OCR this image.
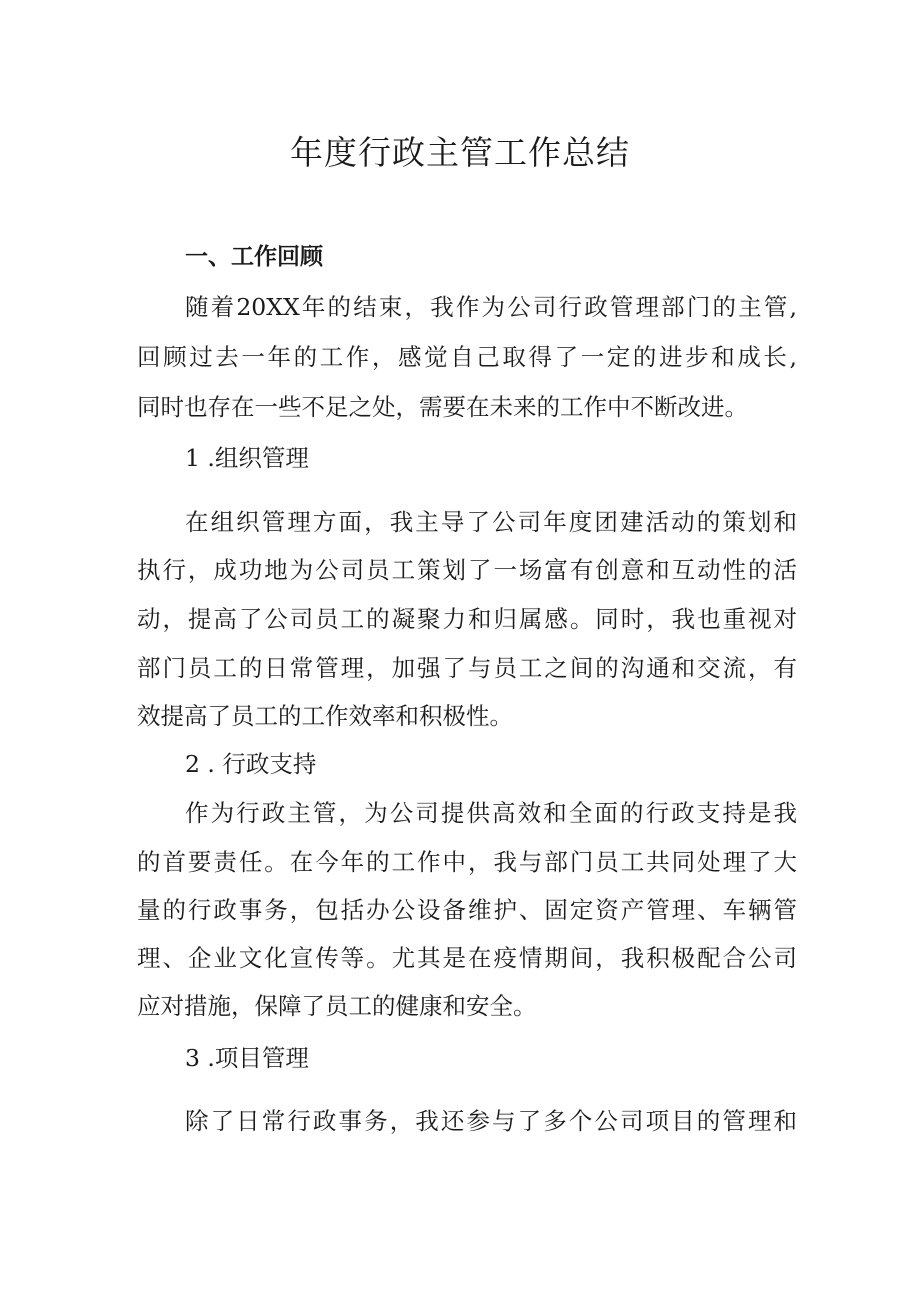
年度行政主管工作总结

一、工作回顾

随着20XX年的结束，我作为公司行政管理部门的主管,

回顾过去一年的工作，感觉自己取得了一定的进步和成长,

同时也存在一些不足之处，需要在未来的工作中不断改进。

1 .组织管理

在组织管理方面，我主导了公司年度团建活动的策划和

执行，成功地为公司员工策划了一场富有创意和互动性的活

动，提高了公司员工的凝聚力和归属感。同时，我也重视对

部门员工的日常管理，加强了与员工之间的沟通和交流，有

效提高了员工的工作效率和积极性。

2 . 行政支持

作为行政主管，为公司提供高效和全面的行政支持是我

的首要责任。在今年的工作中，我与部门员工共同处理了大

量的行政事务，包括办公设备维护、固定资产管理、车辆管

理、企业文化宣传等。尤其是在疫情期间，我积极配合公司

应对措施，保障了员工的健康和安全。

3 .项目管理

除了日常行政事务，我还参与了多个公司项目的管理和
